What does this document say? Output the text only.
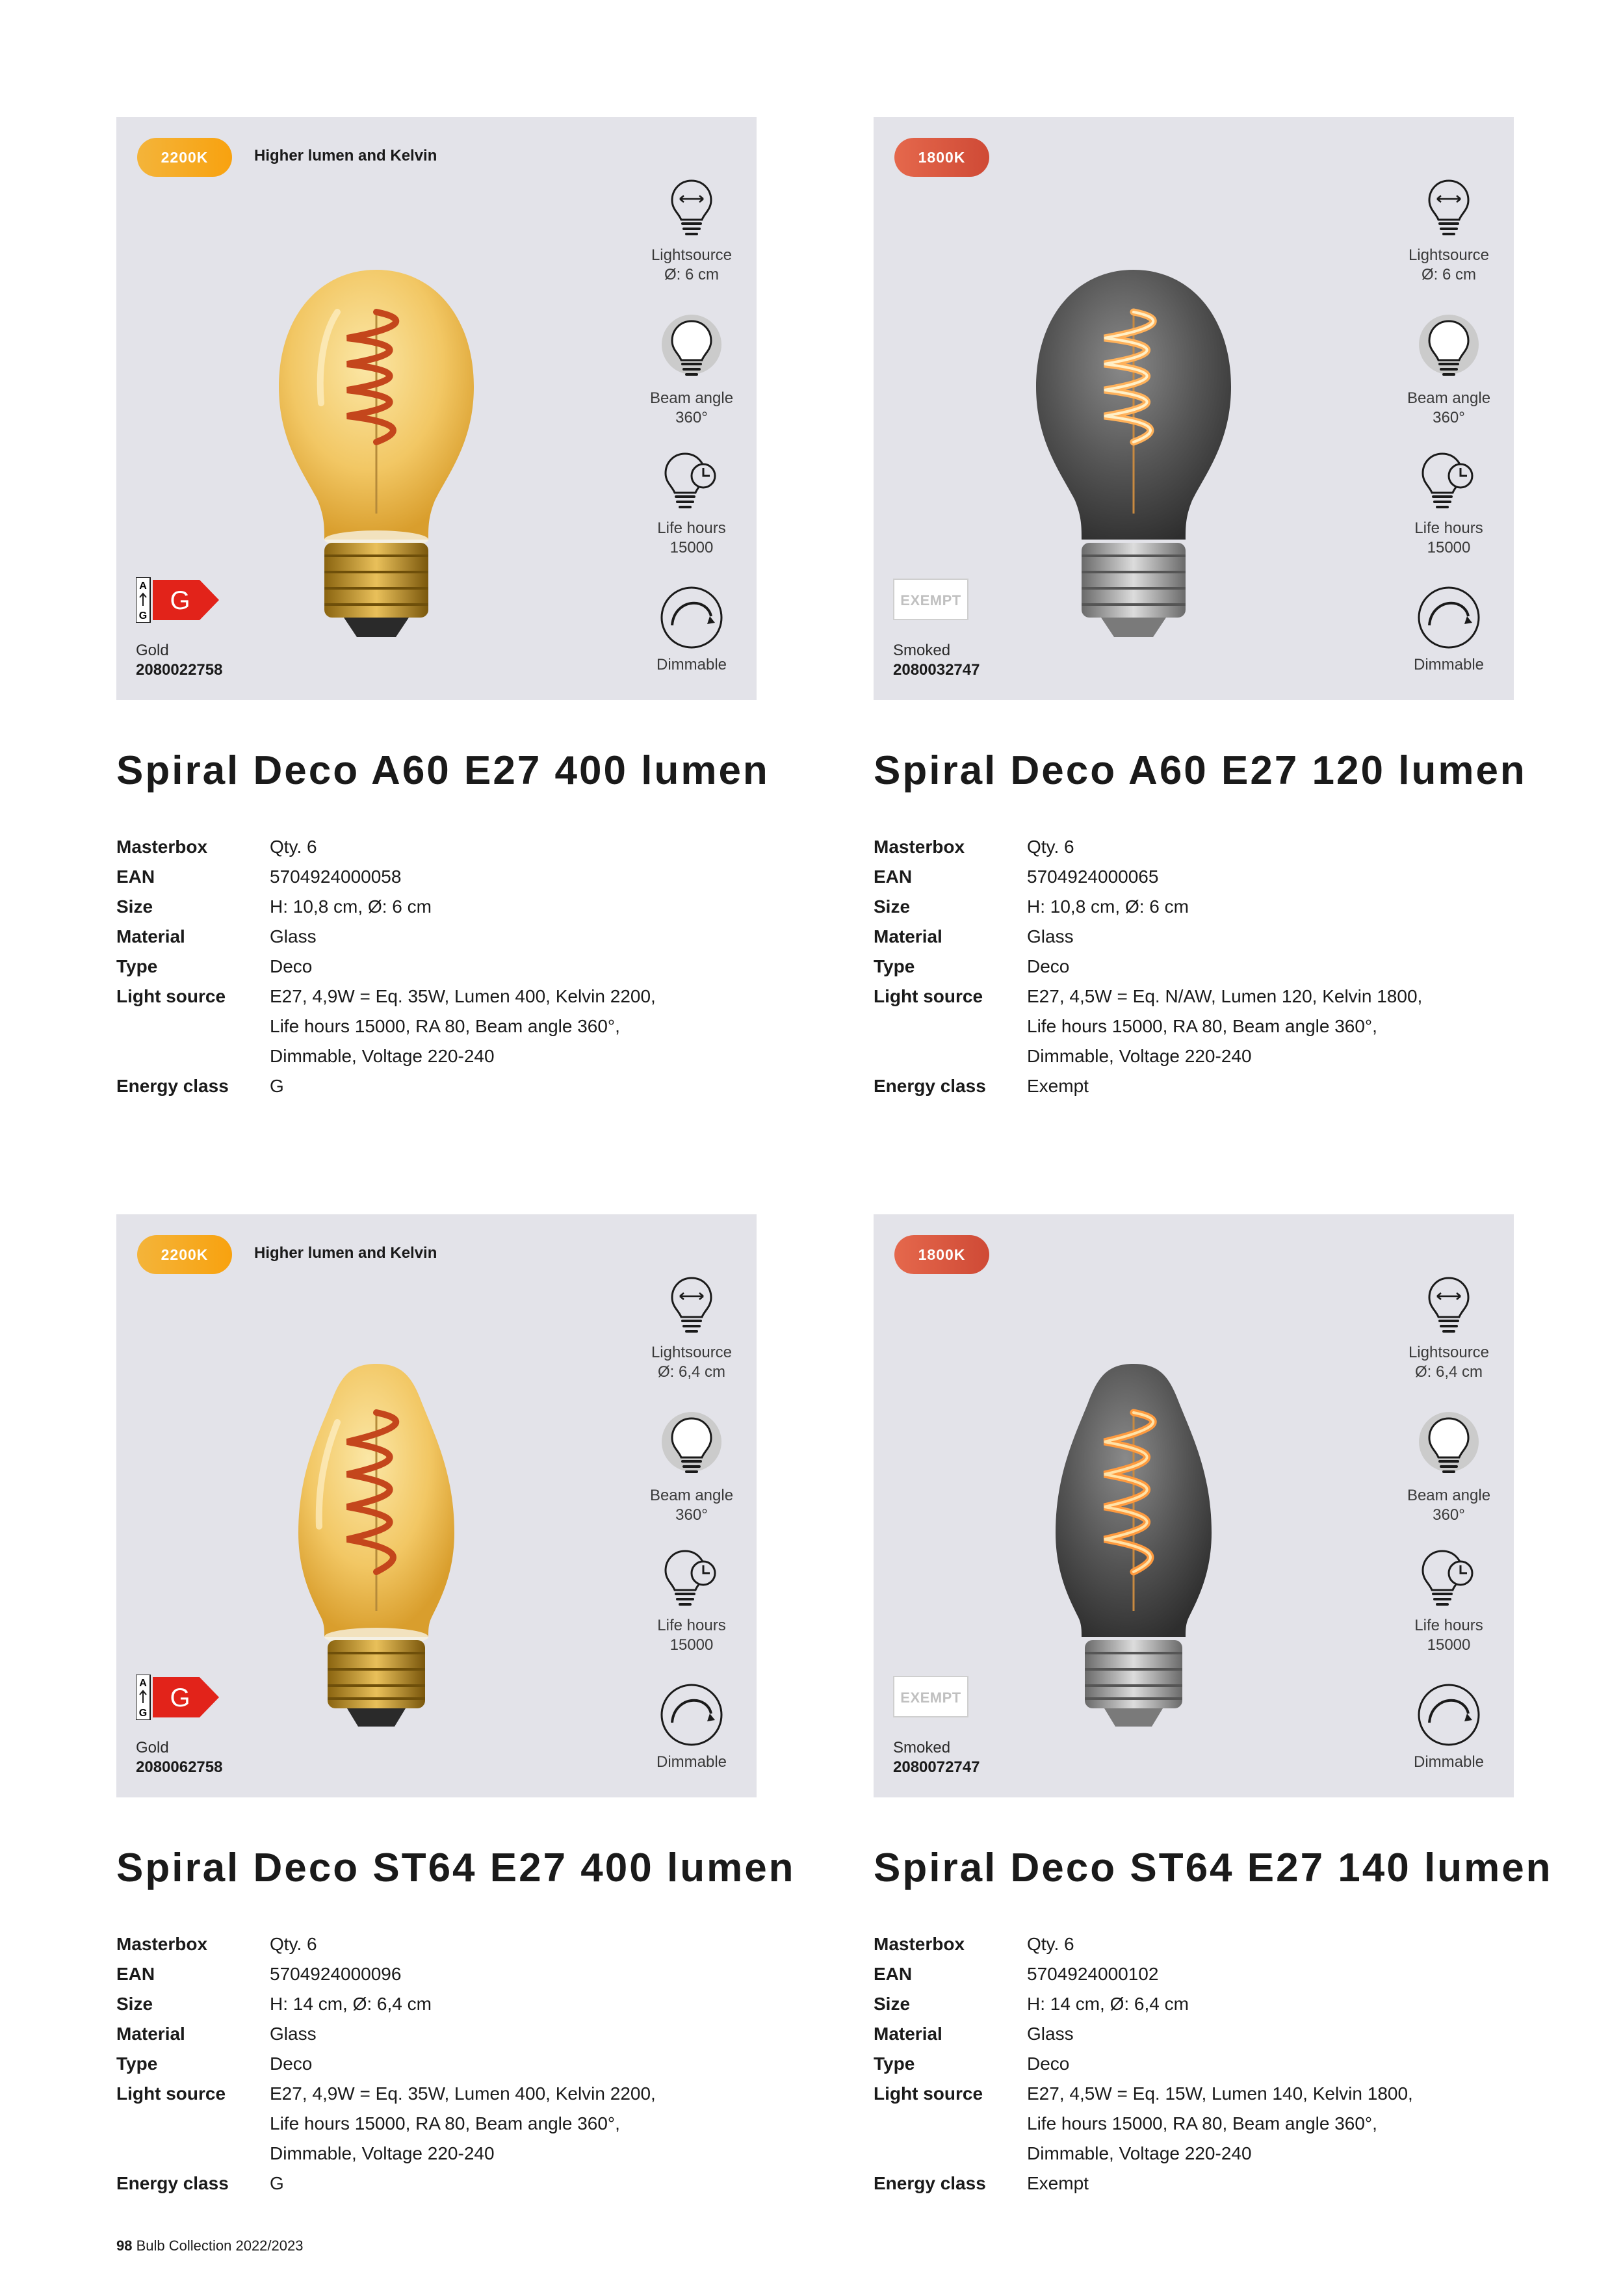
2200K	Higher lumen and Kelvin
Lightsource
Ø: 6 cm
Beam angle
360°
Life hours
15000
Dimmable
A
G
G
Gold
2080022758
Spiral Deco A60 E27 400 lumen
Masterbox	Qty. 6
EAN	5704924000058
Size	H: 10,8 cm, Ø: 6 cm
Material	Glass
Type	Deco
Light source	E27, 4,9W = Eq. 35W, Lumen 400, Kelvin 2200,
Life hours 15000, RA 80, Beam angle 360°,
Dimmable, Voltage 220-240
Energy class	G
1800K
Lightsource
Ø: 6 cm
Beam angle
360°
Life hours
15000
Dimmable
EXEMPT
Smoked
2080032747
Spiral Deco A60 E27 120 lumen
Masterbox	Qty. 6
EAN	5704924000065
Size	H: 10,8 cm, Ø: 6 cm
Material	Glass
Type	Deco
Light source	E27, 4,5W = Eq. N/AW, Lumen 120, Kelvin 1800,
Life hours 15000, RA 80, Beam angle 360°,
Dimmable, Voltage 220-240
Energy class	Exempt
2200K	Higher lumen and Kelvin
Lightsource
Ø: 6,4 cm
Beam angle
360°
Life hours
15000
Dimmable
A
G
G
Gold
2080062758
Spiral Deco ST64 E27 400 lumen
Masterbox	Qty. 6
EAN	5704924000096
Size	H: 14 cm, Ø: 6,4 cm
Material	Glass
Type	Deco
Light source	E27, 4,9W = Eq. 35W, Lumen 400, Kelvin 2200,
Life hours 15000, RA 80, Beam angle 360°,
Dimmable, Voltage 220-240
Energy class	G
1800K
Lightsource
Ø: 6,4 cm
Beam angle
360°
Life hours
15000
Dimmable
EXEMPT
Smoked
2080072747
Spiral Deco ST64 E27 140 lumen
Masterbox	Qty. 6
EAN	5704924000102
Size	H: 14 cm, Ø: 6,4 cm
Material	Glass
Type	Deco
Light source	E27, 4,5W = Eq. 15W, Lumen 140, Kelvin 1800,
Life hours 15000, RA 80, Beam angle 360°,
Dimmable, Voltage 220-240
Energy class	Exempt
98 Bulb Collection 2022/2023
